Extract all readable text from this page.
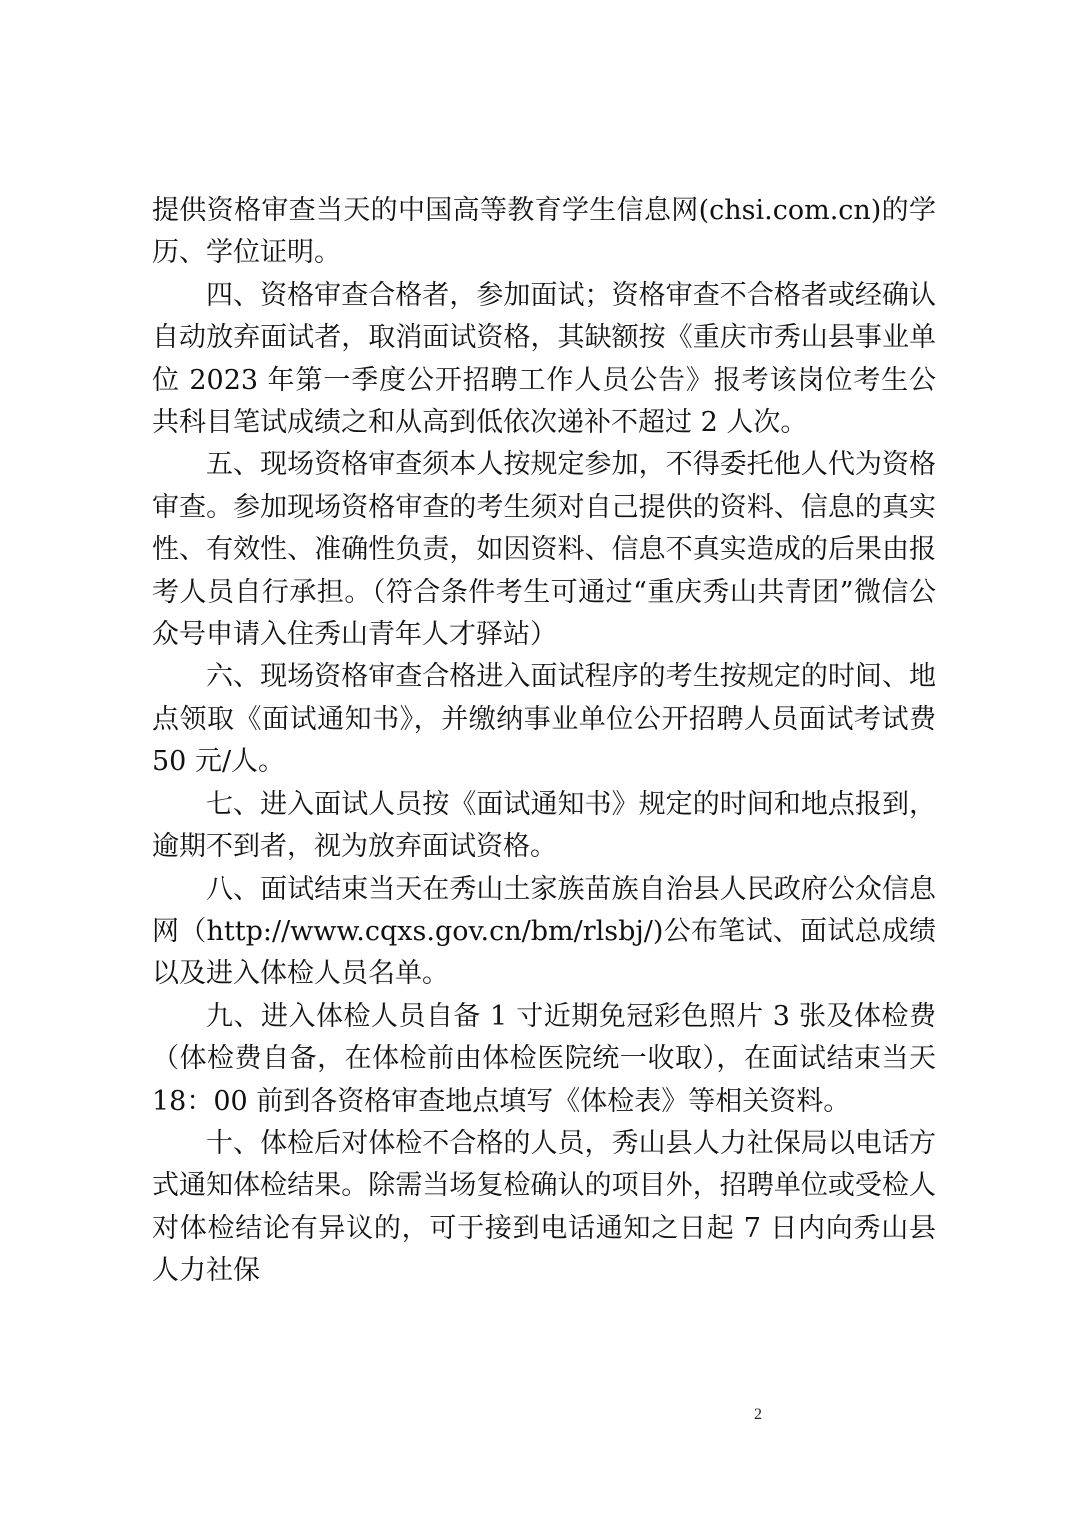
提供资格审查当天的中国高等教育学生信息网(chsi.com.cn)的学历、学位证明。

四、资格审查合格者，参加面试；资格审查不合格者或经确认自动放弃面试者，取消面试资格，其缺额按《重庆市秀山县事业单位 2023 年第一季度公开招聘工作人员公告》报考该岗位考生公共科目笔试成绩之和从高到低依次递补不超过 2 人次。

五、现场资格审查须本人按规定参加，不得委托他人代为资格审查。参加现场资格审查的考生须对自己提供的资料、信息的真实性、有效性、准确性负责，如因资料、信息不真实造成的后果由报考人员自行承担。（符合条件考生可通过“重庆秀山共青团”微信公众号申请入住秀山青年人才驿站）

六、现场资格审查合格进入面试程序的考生按规定的时间、地点领取《面试通知书》，并缴纳事业单位公开招聘人员面试考试费 50 元/人。

七、进入面试人员按《面试通知书》规定的时间和地点报到，逾期不到者，视为放弃面试资格。

八、面试结束当天在秀山土家族苗族自治县人民政府公众信息网（http://www.cqxs.gov.cn/bm/rlsbj/)公布笔试、面试总成绩以及进入体检人员名单。

九、进入体检人员自备 1 寸近期免冠彩色照片 3 张及体检费（体检费自备，在体检前由体检医院统一收取），在面试结束当天 18：00 前到各资格审查地点填写《体检表》等相关资料。

十、体检后对体检不合格的人员，秀山县人力社保局以电话方式通知体检结果。除需当场复检确认的项目外，招聘单位或受检人对体检结论有异议的，可于接到电话通知之日起 7 日内向秀山县人力社保

2
